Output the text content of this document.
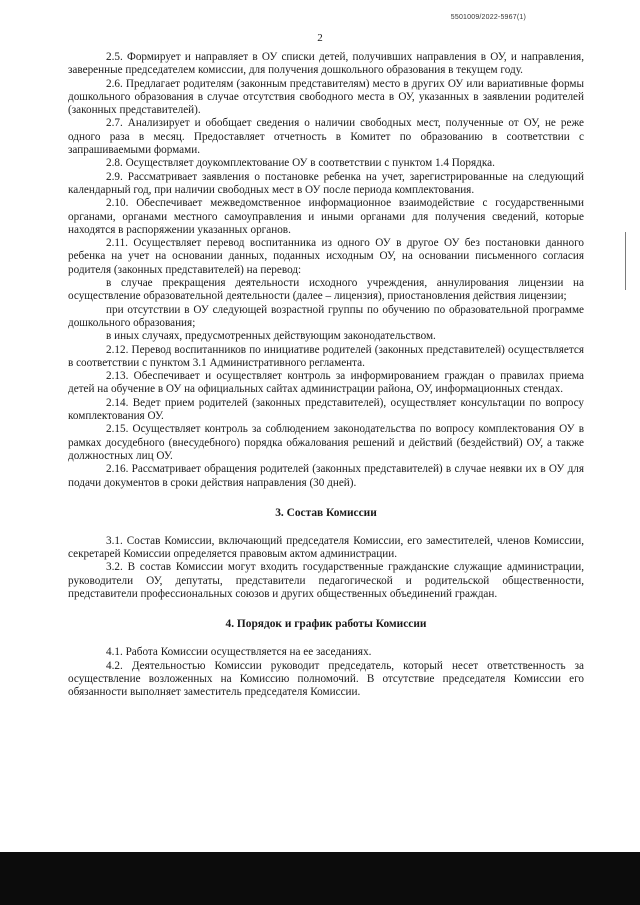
5501009/2022-5967(1)
2

2.5. Формирует и направляет в ОУ списки детей, получивших направления в ОУ, и направления, заверенные председателем комиссии, для получения дошкольного образования в текущем году.

2.6. Предлагает родителям (законным представителям) место в других ОУ или вариативные формы дошкольного образования в случае отсутствия свободного места в ОУ, указанных в заявлении родителей (законных представителей).

2.7. Анализирует и обобщает сведения о наличии свободных мест, полученные от ОУ, не реже одного раза в месяц. Предоставляет отчетность в Комитет по образованию в соответствии с запрашиваемыми формами.

2.8. Осуществляет доукомплектование ОУ в соответствии с пунктом 1.4 Порядка.

2.9. Рассматривает заявления о постановке ребенка на учет, зарегистрированные на следующий календарный год, при наличии свободных мест в ОУ после периода комплектования.

2.10. Обеспечивает межведомственное информационное взаимодействие с государственными органами, органами местного самоуправления и иными органами для получения сведений, которые находятся в распоряжении указанных органов.

2.11. Осуществляет перевод воспитанника из одного ОУ в другое ОУ без постановки данного ребенка на учет на основании данных, поданных исходным ОУ, на основании письменного согласия родителя (законных представителей) на перевод:

в случае прекращения деятельности исходного учреждения, аннулирования лицензии на осуществление образовательной деятельности (далее – лицензия), приостановления действия лицензии;

при отсутствии в ОУ следующей возрастной группы по обучению по образовательной программе дошкольного образования;

в иных случаях, предусмотренных действующим законодательством.

2.12. Перевод воспитанников по инициативе родителей (законных представителей) осуществляется в соответствии с пунктом 3.1 Административного регламента.

2.13. Обеспечивает и осуществляет контроль за информированием граждан о правилах приема детей на обучение в ОУ на официальных сайтах администрации района, ОУ, информационных стендах.

2.14. Ведет прием родителей (законных представителей), осуществляет консультации по вопросу комплектования ОУ.

2.15. Осуществляет контроль за соблюдением законодательства по вопросу комплектования ОУ в рамках досудебного (внесудебного) порядка обжалования решений и действий (бездействий) ОУ, а также должностных лиц ОУ.

2.16. Рассматривает обращения родителей (законных представителей) в случае неявки их в ОУ для подачи документов в сроки действия направления (30 дней).

3. Состав Комиссии

3.1. Состав Комиссии, включающий председателя Комиссии, его заместителей, членов Комиссии, секретарей Комиссии определяется правовым актом администрации.

3.2. В состав Комиссии могут входить государственные гражданские служащие администрации, руководители ОУ, депутаты, представители педагогической и родительской общественности, представители профессиональных союзов и других общественных объединений граждан.

4. Порядок и график работы Комиссии

4.1. Работа Комиссии осуществляется на ее заседаниях.

4.2. Деятельностью Комиссии руководит председатель, который несет ответственность за осуществление возложенных на Комиссию полномочий. В отсутствие председателя Комиссии его обязанности выполняет заместитель председателя Комиссии.
